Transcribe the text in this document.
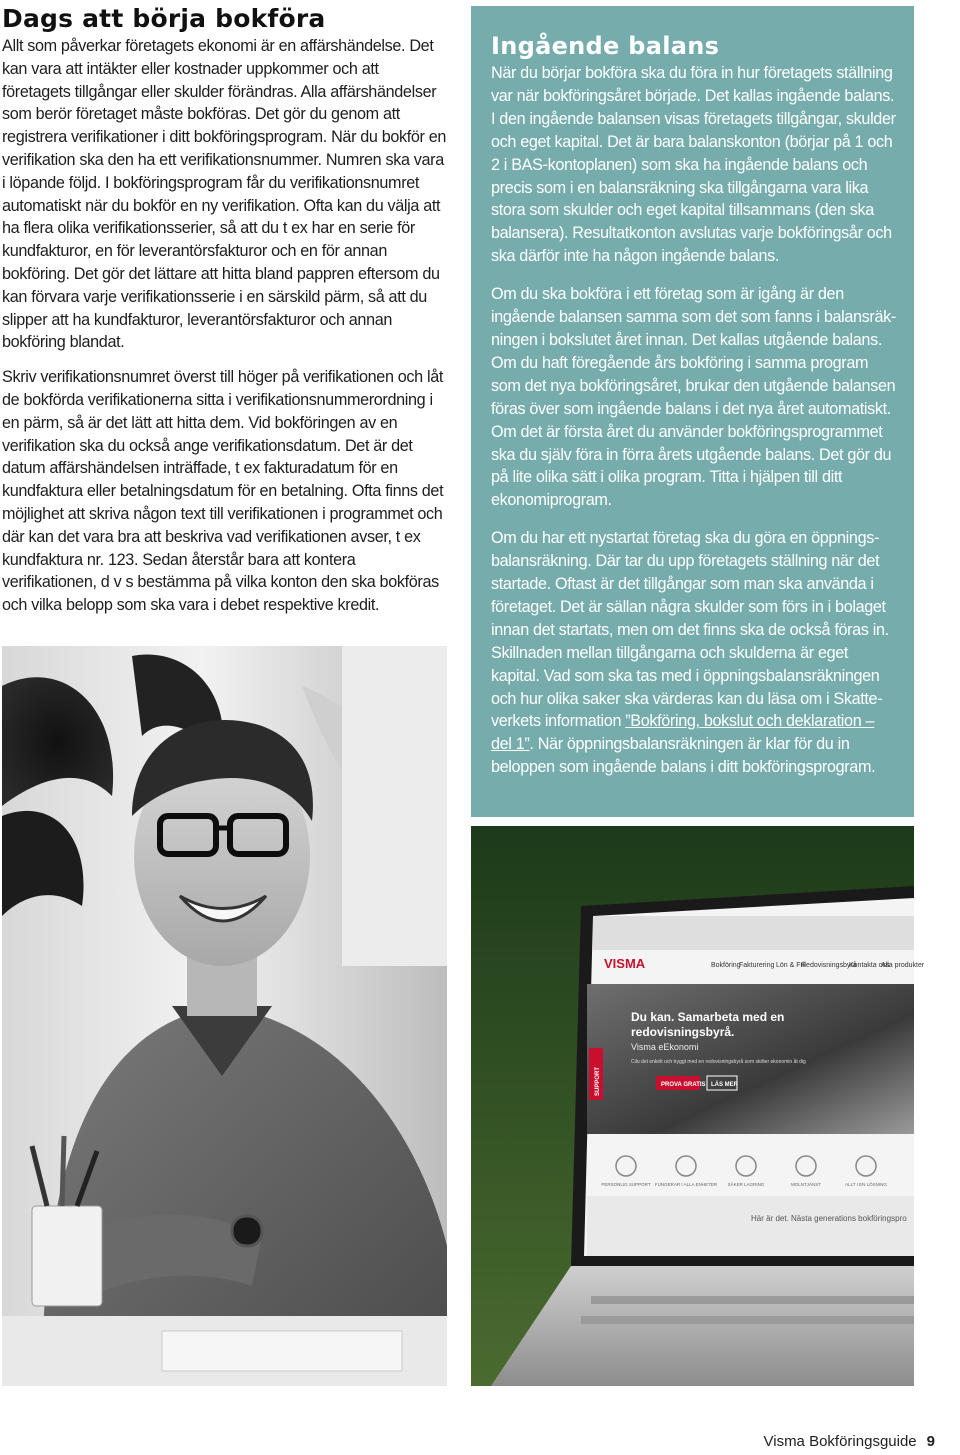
Dags att börja bokföra

Allt som påverkar företagets ekonomi är en affärshändelse. Det kan vara att intäkter eller kostnader uppkommer och att företagets tillgångar eller skulder förändras. Alla affärshändelser som berör företaget måste bokföras. Det gör du genom att registrera verifikationer i ditt bokföringsprogram. När du bokför en verifikation ska den ha ett verifikationsnummer. Numren ska vara i löpande följd. I bokföringsprogram får du verifikationsnumret automatiskt när du bokför en ny verifikation. Ofta kan du välja att ha flera olika verifikationsserier, så att du t ex har en serie för kundfakturor, en för leverantörsfakturor och en för annan bokföring. Det gör det lättare att hitta bland pappren eftersom du kan förvara varje verifikationsserie i en särskild pärm, så att du slipper att ha kundfakturor, leverantörsfakturor och annan bokföring blandat.

Skriv verifikationsnumret överst till höger på verifikationen och låt de bokförda verifikationerna sitta i verifikationsnummerordning i en pärm, så är det lätt att hitta dem. Vid bokföringen av en verifikation ska du också ange verifikationsdatum. Det är det datum affärshändelsen inträffade, t ex fakturadatum för en kundfaktura eller betalningsdatum för en betalning. Ofta finns det möjlighet att skriva någon text till verifikationen i programmet och där kan det vara bra att beskriva vad verifikationen avser, t ex kundfaktura nr. 123. Sedan återstår bara att kontera verifikationen, d v s bestämma på vilka konton den ska bokföras och vilka belopp som ska vara i debet respektive kredit.

Ingående balans

När du börjar bokföra ska du föra in hur företagets ställning var när bokföringsåret började. Det kallas ingående balans. I den ingående balansen visas företagets tillgångar, skulder och eget kapital. Det är bara balanskonton (börjar på 1 och 2 i BAS-kontoplanen) som ska ha ingående balans och precis som i en balansräkning ska tillgångarna vara lika stora som skulder och eget kapital tillsammans (den ska balansera). Resultatkonton avslutas varje bokföringsår och ska därför inte ha någon ingående balans.

Om du ska bokföra i ett företag som är igång är den ingående balansen samma som det som fanns i balansräkningen i bokslutet året innan. Det kallas utgående balans. Om du haft föregående års bokföring i samma program som det nya bokföringsåret, brukar den utgående balansen föras över som ingående balans i det nya året automatiskt. Om det är första året du använder bokföringsprogrammet ska du själv föra in förra årets utgående balans. Det gör du på lite olika sätt i olika program. Titta i hjälpen till ditt ekonomiprogram.

Om du har ett nystartat företag ska du göra en öppningsbalansräkning. Där tar du upp företagets ställning när det startade. Oftast är det tillgångar som man ska använda i företaget. Det är sällan några skulder som förs in i bolaget innan det startats, men om det finns ska de också föras in. Skillnaden mellan tillgångarna och skulderna är eget kapital. Vad som ska tas med i öppningsbalansräkningen och hur olika saker ska värderas kan du läsa om i Skatteverkets information ”Bokföring, bokslut och deklaration – del 1”. När öppningsbalansräkningen är klar för du in beloppen som ingående balans i ditt bokföringsprogram.

VISMA	Bokföring
Fakturering Lön & Fril
Redovisningsbyrå
Kontakta oss
Alla produkter
Du kan. Samarbeta med en
redovisningsbyrå.
Visma eEkonomi
Cilu det enkelt och tryggt med en redovisningsbyrå som sköter ekonomin åt dig
PROVA GRATIS LÄS MER
SUPPORT
PERSONLIG SUPPORT FUNGERAR I ALLA ENHETER SÄKER LAGRING	MOLNTJÄNST	ALLT I EN LÖSNING
Här är det. Nästa generations bokföringspro
Visma Bokföringsguide 9
